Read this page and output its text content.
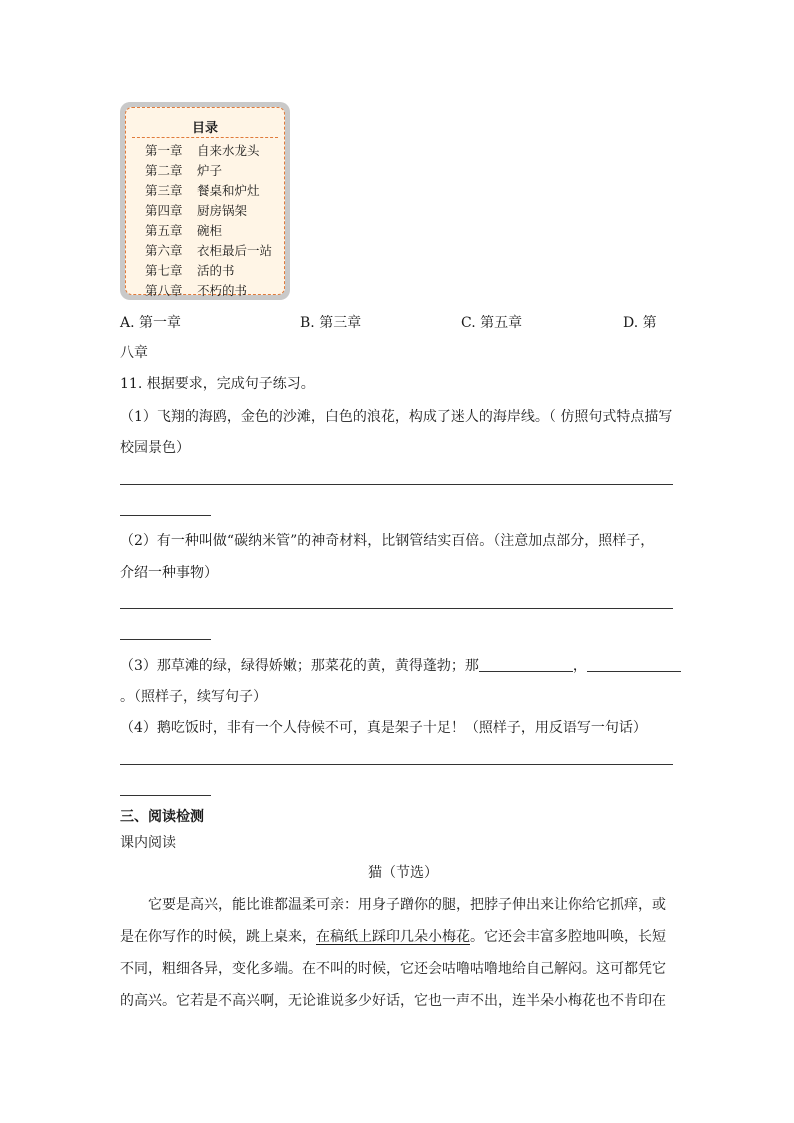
目录
第一章 自来水龙头
第二章 炉子
第三章 餐桌和炉灶
第四章 厨房锅架
第五章 碗柜
第六章 衣柜最后一站
第七章 活的书
第八章 不朽的书
A. 第一章	B. 第三章	C. 第五章	D. 第
八章
11. 根据要求，完成句子练习。
（1）飞翔的海鸥，金色的沙滩，白色的浪花，构成了迷人的海岸线。（ 仿照句式特点描写
校园景色）
（2）有一种叫做“碳纳米管”的神奇材料，比钢管结实百倍。（注意加点部分，照样子，
介绍一种事物）
（3）那草滩的绿，绿得娇嫩；那菜花的黄，黄得蓬勃；那	，
。（照样子，续写句子）
（4）鹅吃饭时，非有一个人侍候不可，真是架子十足！（照样子，用反语写一句话）
三、阅读检测
课内阅读
猫（节选）
它要是高兴，能比谁都温柔可亲：用身子蹭你的腿，把脖子伸出来让你给它抓痒，或
是在你写作的时候，跳上桌来，在稿纸上踩印几朵小梅花。它还会丰富多腔地叫唤，长短
不同，粗细各异，变化多端。在不叫的时候，它还会咕噜咕噜地给自己解闷。这可都凭它
的高兴。它若是不高兴啊，无论谁说多少好话，它也一声不出，连半朵小梅花也不肯印在
